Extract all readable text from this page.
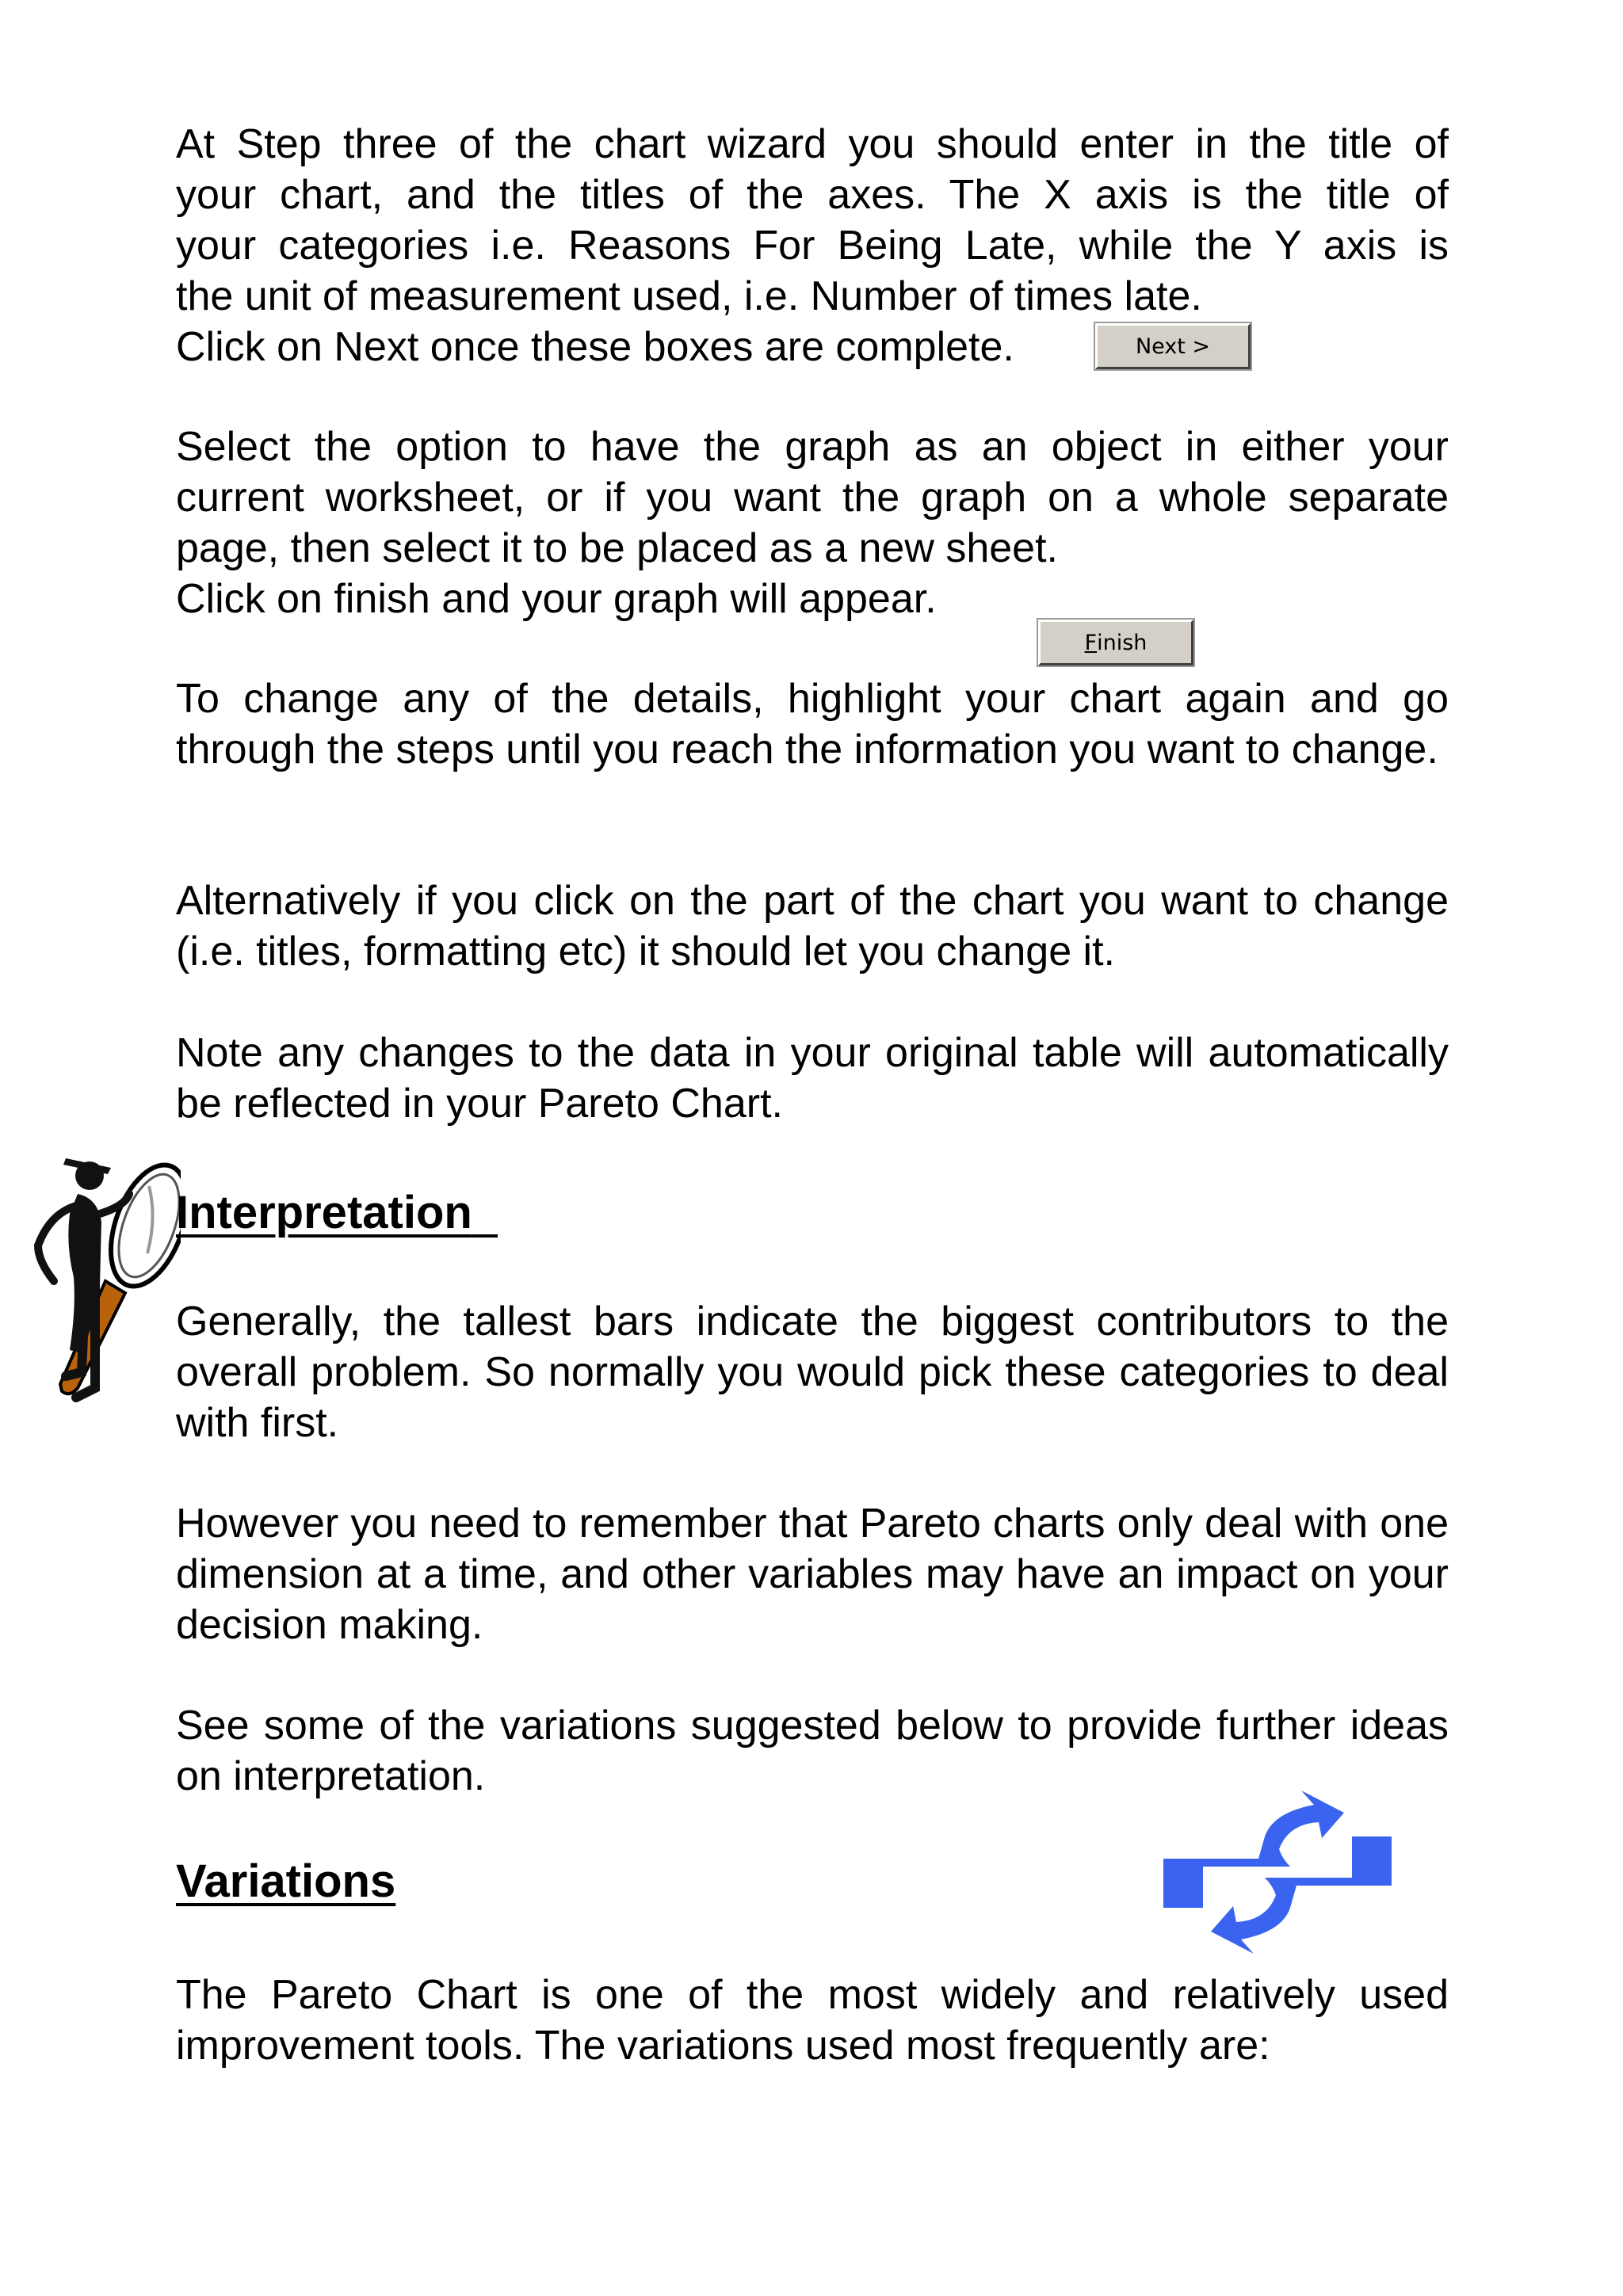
At Step three of the chart wizard you should enter in the title of
your chart, and the titles of the axes. The X axis is the title of
your categories i.e. Reasons For Being Late, while the Y axis is
the unit of measurement used, i.e. Number of times late.
Click on Next once these boxes are complete.	Next >
Select the option to have the graph as an object in either your
current worksheet, or if you want the graph on a whole separate
page, then select it to be placed as a new sheet.
Click on finish and your graph will appear.
F inish

To change any of the details, highlight your chart again and go through the steps until you reach the information you want to change.

Alternatively if you click on the part of the chart you want to change (i.e. titles, formatting etc) it should let you change it.

Note any changes to the data in your original table will automatically be reflected in your Pareto Chart.

Interpretation

Generally, the tallest bars indicate the biggest contributors to the overall problem. So normally you would pick these categories to deal with first.

However you need to remember that Pareto charts only deal with one dimension at a time, and other variables may have an impact on your decision making.

See some of the variations suggested below to provide further ideas on interpretation.

Variations

The Pareto Chart is one of the most widely and relatively used improvement tools. The variations used most frequently are:
